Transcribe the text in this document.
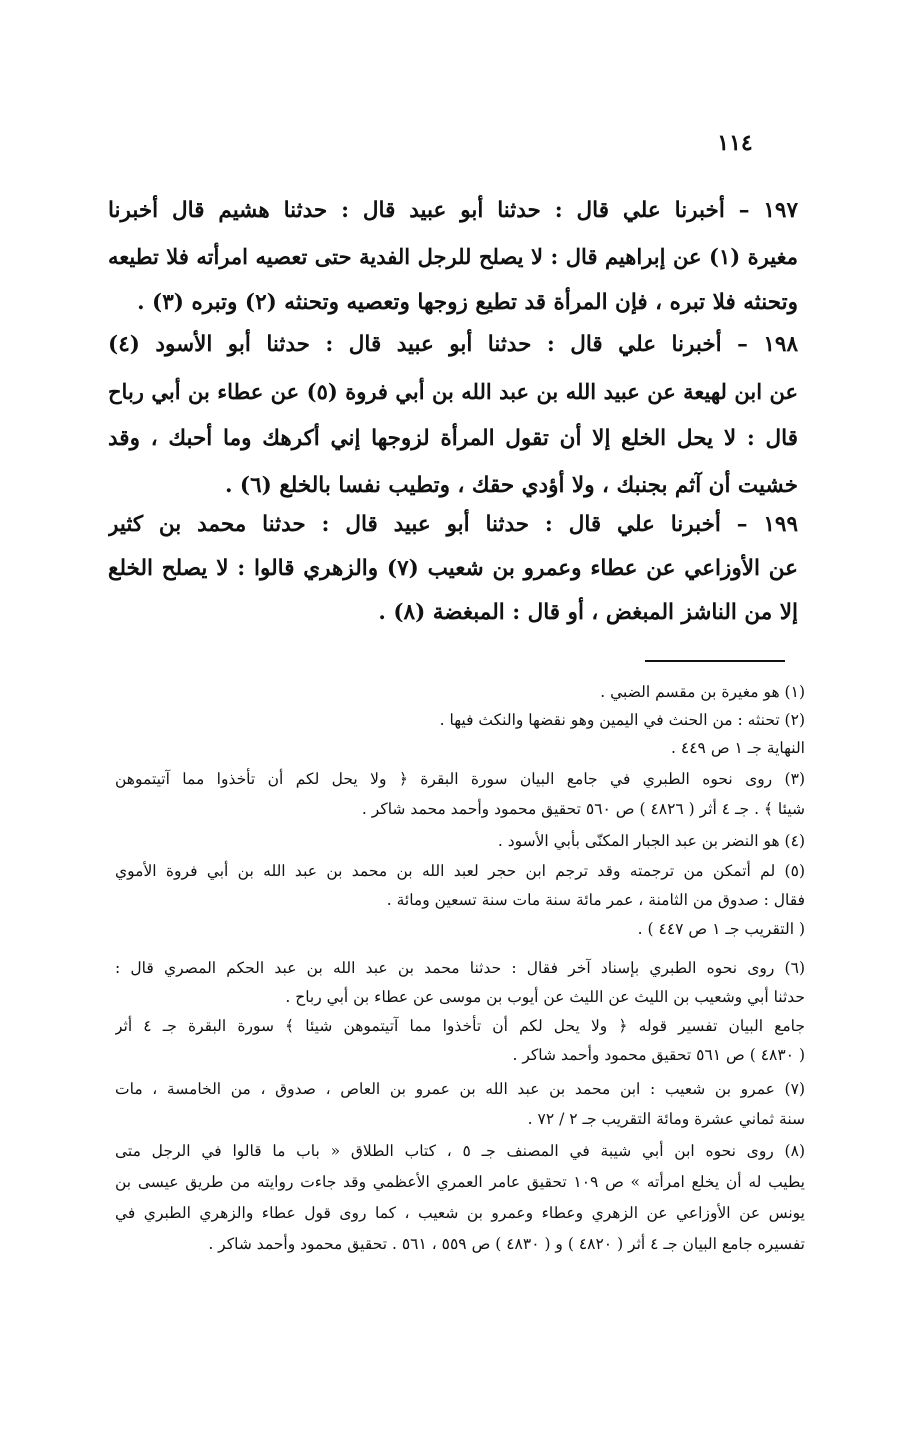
١١٤
١٩٧ – أخبرنا علي قال : حدثنا أبو عبيد قال : حدثنا هشيم قال أخبرنا
مغيرة (١) عن إبراهيم قال : لا يصلح للرجل الفدية حتى تعصيه امرأته فلا تطيعه
وتحنثه فلا تبره ، فإن المرأة قد تطيع زوجها وتعصيه وتحنثه (٢) وتبره (٣) .
١٩٨ – أخبرنا علي قال : حدثنا أبو عبيد قال : حدثنا أبو الأسود (٤)
عن ابن لهيعة عن عبيد الله بن عبد الله بن أبي فروة (٥) عن عطاء بن أبي رباح
قال : لا يحل الخلع إلا أن تقول المرأة لزوجها إني أكرهك وما أحبك ، وقد
خشيت أن آثم بجنبك ، ولا أؤدي حقك ، وتطيب نفسا بالخلع (٦) .
١٩٩ – أخبرنا علي قال : حدثنا أبو عبيد قال : حدثنا محمد بن كثير
عن الأوزاعي عن عطاء وعمرو بن شعيب (٧) والزهري قالوا : لا يصلح الخلع
إلا من الناشز المبغض ، أو قال : المبغضة (٨) .
(١) هو مغيرة بن مقسم الضبي .
(٢) تحنثه : من الحنث في اليمين وهو نقضها والنكث فيها .
النهاية جـ ١ ص ٤٤٩ .
(٣) روى نحوه الطبري في جامع البيان سورة البقرة ﴿ ولا يحل لكم أن تأخذوا مما آتيتموهن
شيئا ﴾ . جـ ٤ أثر ( ٤٨٢٦ ) ص ٥٦٠ تحقيق محمود وأحمد محمد شاكر .
(٤) هو النضر بن عبد الجبار المكنّى بأبي الأسود .
(٥) لم أتمكن من ترجمته وقد ترجم ابن حجر لعبد الله بن محمد بن عبد الله بن أبي فروة الأموي
فقال : صدوق من الثامنة ، عمر مائة سنة مات سنة تسعين ومائة .
( التقريب جـ ١ ص ٤٤٧ ) .
(٦) روى نحوه الطبري بإسناد آخر فقال : حدثنا محمد بن عبد الله بن عبد الحكم المصري قال :
حدثنا أبي وشعيب بن الليث عن الليث عن أيوب بن موسى عن عطاء بن أبي رباح .
جامع البيان تفسير قوله ﴿ ولا يحل لكم أن تأخذوا مما آتيتموهن شيئا ﴾ سورة البقرة جـ ٤ أثر
( ٤٨٣٠ ) ص ٥٦١ تحقيق محمود وأحمد شاكر .
(٧) عمرو بن شعيب : ابن محمد بن عبد الله بن عمرو بن العاص ، صدوق ، من الخامسة ، مات
سنة ثماني عشرة ومائة التقريب جـ ٢ / ٧٢ .
(٨) روى نحوه ابن أبي شيبة في المصنف جـ ٥ ، كتاب الطلاق « باب ما قالوا في الرجل متى
يطيب له أن يخلع امرأته » ص ١٠٩ تحقيق عامر العمري الأعظمي وقد جاءت روايته من طريق عيسى بن
يونس عن الأوزاعي عن الزهري وعطاء وعمرو بن شعيب ، كما روى قول عطاء والزهري الطبري في
تفسيره جامع البيان جـ ٤ أثر ( ٤٨٢٠ ) و ( ٤٨٣٠ ) ص ٥٥٩ ، ٥٦١ . تحقيق محمود وأحمد شاكر .
